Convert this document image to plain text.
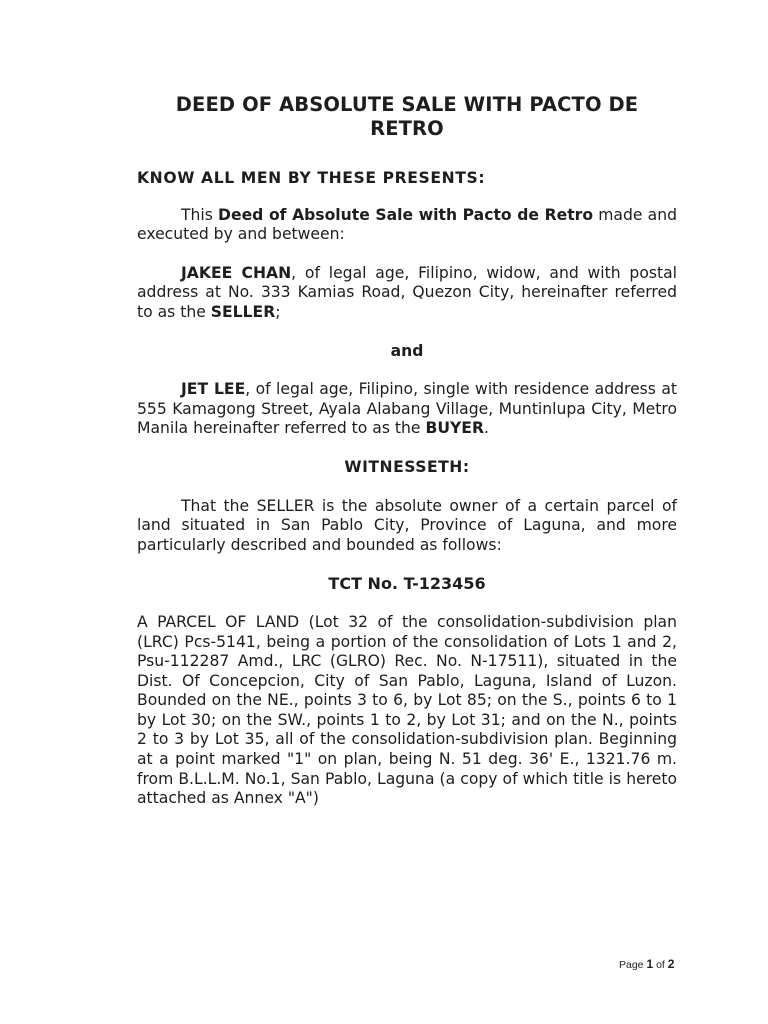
DEED OF ABSOLUTE SALE WITH PACTO DE RETRO
KNOW ALL MEN BY THESE PRESENTS:

This Deed of Absolute Sale with Pacto de Retro made and executed by and between:

JAKEE CHAN, of legal age, Filipino, widow, and with postal address at No. 333 Kamias Road, Quezon City, hereinafter referred to as the SELLER;

and

JET LEE, of legal age, Filipino, single with residence address at 555 Kamagong Street, Ayala Alabang Village, Muntinlupa City, Metro Manila hereinafter referred to as the BUYER.

WITNESSETH:

That the SELLER is the absolute owner of a certain parcel of land situated in San Pablo City, Province of Laguna, and more particularly described and bounded as follows:

TCT No. T-123456

A PARCEL OF LAND (Lot 32 of the consolidation-subdivision plan (LRC) Pcs-5141, being a portion of the consolidation of Lots 1 and 2, Psu-112287 Amd., LRC (GLRO) Rec. No. N-17511), situated in the Dist. Of Concepcion, City of San Pablo, Laguna, Island of Luzon. Bounded on the NE., points 3 to 6, by Lot 85; on the S., points 6 to 1 by Lot 30; on the SW., points 1 to 2, by Lot 31; and on the N., points 2 to 3 by Lot 35, all of the consolidation-subdivision plan. Beginning at a point marked "1" on plan, being N. 51 deg. 36' E., 1321.76 m. from B.L.L.M. No.1, San Pablo, Laguna (a copy of which title is hereto attached as Annex "A")

Page 1 of 2
